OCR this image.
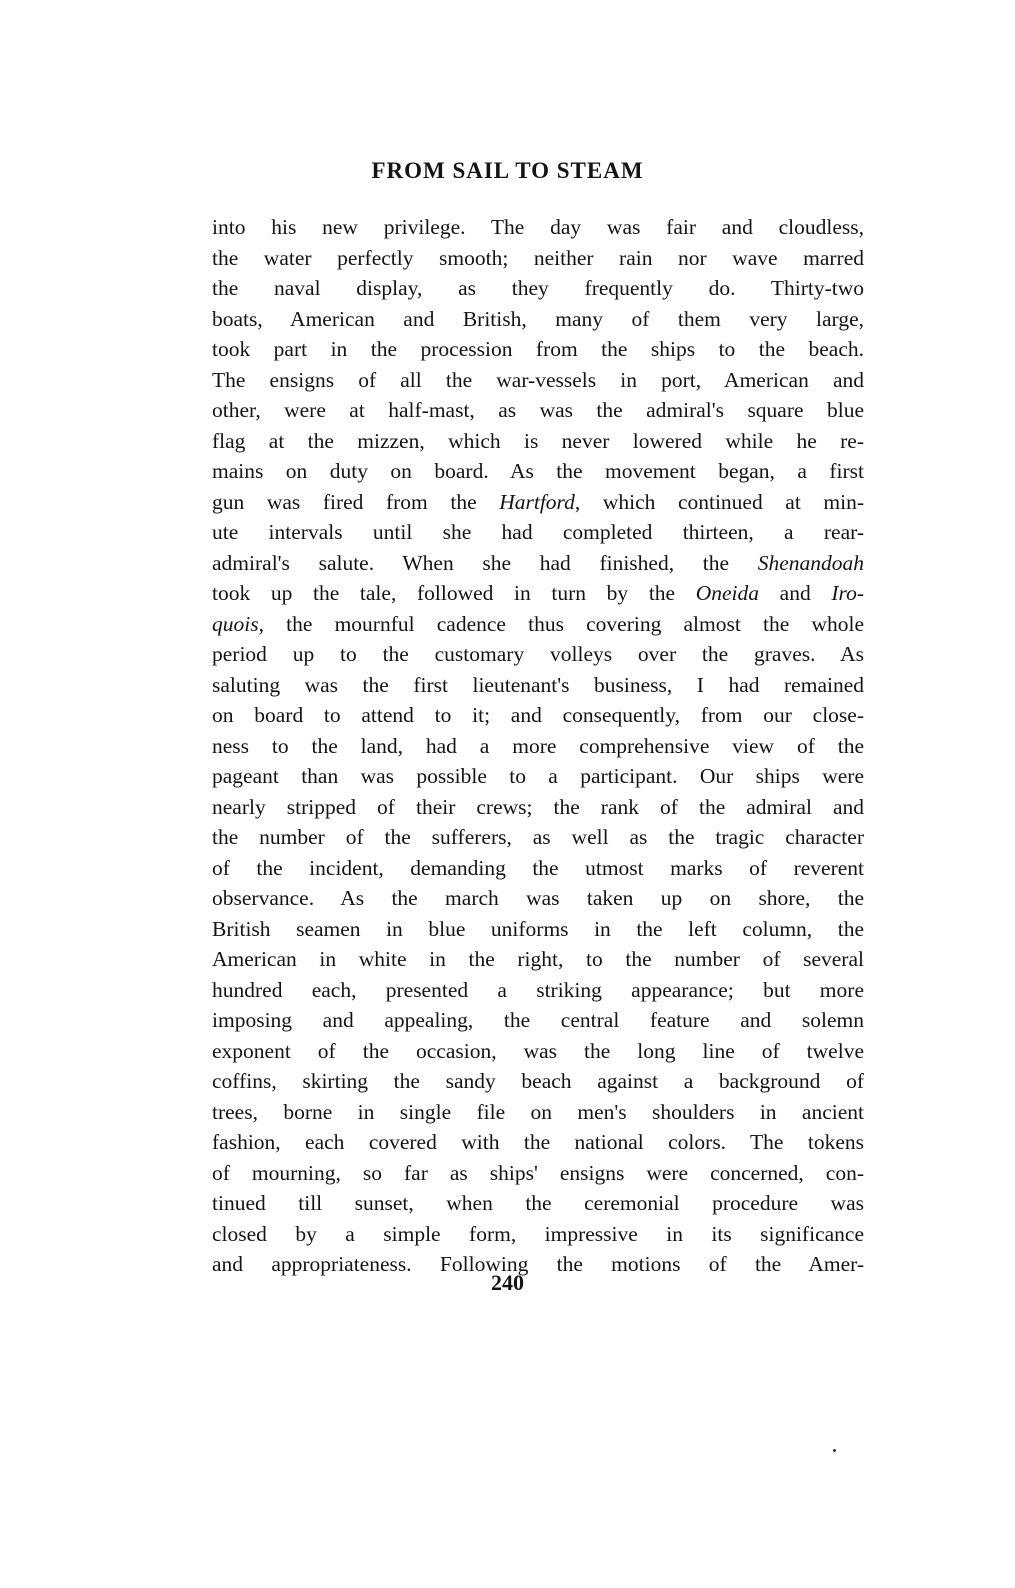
FROM SAIL TO STEAM
into his new privilege. The day was fair and cloudless,
the water perfectly smooth; neither rain nor wave marred
the naval display, as they frequently do. Thirty-two
boats, American and British, many of them very large,
took part in the procession from the ships to the beach.
The ensigns of all the war-vessels in port, American and
other, were at half-mast, as was the admiral's square blue
flag at the mizzen, which is never lowered while he re-
mains on duty on board. As the movement began, a first
gun was fired from the Hartford, which continued at min-
ute intervals until she had completed thirteen, a rear-
admiral's salute. When she had finished, the Shenandoah
took up the tale, followed in turn by the Oneida and Iro-
quois, the mournful cadence thus covering almost the whole
period up to the customary volleys over the graves. As
saluting was the first lieutenant's business, I had remained
on board to attend to it; and consequently, from our close-
ness to the land, had a more comprehensive view of the
pageant than was possible to a participant. Our ships were
nearly stripped of their crews; the rank of the admiral and
the number of the sufferers, as well as the tragic character
of the incident, demanding the utmost marks of reverent
observance. As the march was taken up on shore, the
British seamen in blue uniforms in the left column, the
American in white in the right, to the number of several
hundred each, presented a striking appearance; but more
imposing and appealing, the central feature and solemn
exponent of the occasion, was the long line of twelve
coffins, skirting the sandy beach against a background of
trees, borne in single file on men's shoulders in ancient
fashion, each covered with the national colors. The tokens
of mourning, so far as ships' ensigns were concerned, con-
tinued till sunset, when the ceremonial procedure was
closed by a simple form, impressive in its significance
and appropriateness. Following the motions of the Amer-
240
